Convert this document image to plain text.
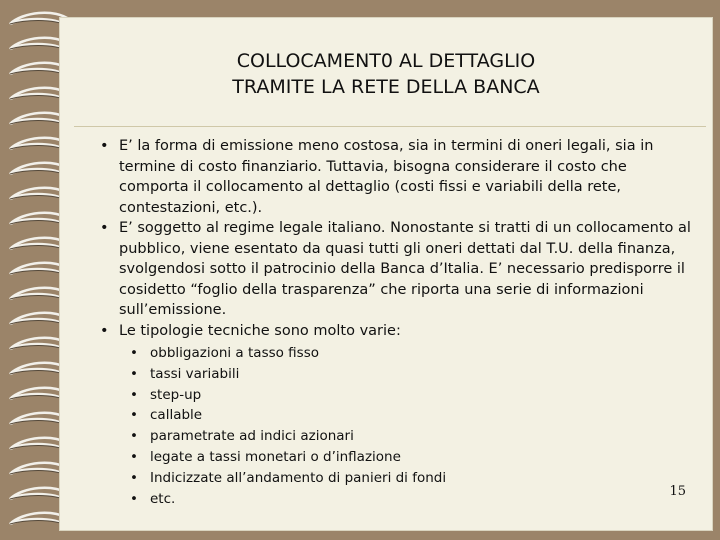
COLLOCAMENT0 AL DETTAGLIO
TRAMITE LA RETE DELLA BANCA
• E’ la forma di emissione meno costosa, sia in termini di oneri legali, sia in termine di costo finanziario. Tuttavia, bisogna considerare il costo che comporta il collocamento al dettaglio (costi fissi e variabili della rete, contestazioni, etc.).
• E’ soggetto al regime legale italiano. Nonostante si tratti di un collocamento al pubblico, viene esentato da quasi tutti gli oneri dettati dal T.U. della finanza, svolgendosi sotto il patrocinio della Banca d’Italia. E’ necessario predisporre il cosidetto “foglio della trasparenza” che riporta una serie di informazioni sull’emissione.
• Le tipologie tecniche sono molto varie:
• obbligazioni a tasso fisso
• tassi variabili
• step-up
• callable
• parametrate ad indici azionari
• legate a tassi monetari o d’inflazione
• Indicizzate all’andamento di panieri di fondi
• etc.	15
